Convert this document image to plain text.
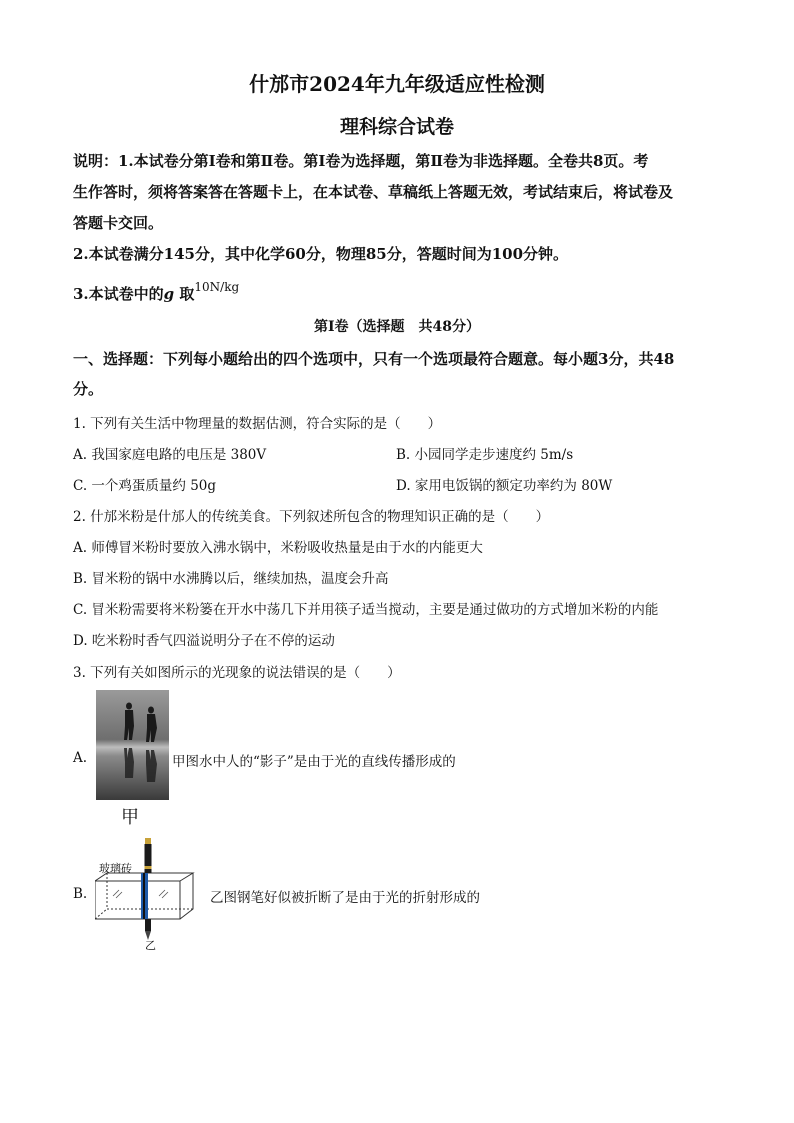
什邡市2024年九年级适应性检测
理科综合试卷
说明：1.本试卷分第Ⅰ卷和第Ⅱ卷。第Ⅰ卷为选择题，第Ⅱ卷为非选择题。全卷共8页。考
生作答时，须将答案答在答题卡上，在本试卷、草稿纸上答题无效，考试结束后，将试卷及
答题卡交回。
2.本试卷满分145分，其中化学60分，物理85分，答题时间为100分钟。
3.本试卷中的g 取$^{10N/kg}$
第Ⅰ卷（选择题　共48分）
一、选择题：下列每小题给出的四个选项中，只有一个选项最符合题意。每小题3分，共48
分。
1. 下列有关生活中物理量的数据估测，符合实际的是（　　）
A. 我国家庭电路的电压是 380V	B. 小园同学走步速度约 5m/s
C. 一个鸡蛋质量约 50g	D. 家用电饭锅的额定功率约为 80W
2. 什邡米粉是什邡人的传统美食。下列叙述所包含的物理知识正确的是（　　）
A. 师傅冒米粉时要放入沸水锅中，米粉吸收热量是由于水的内能更大
B. 冒米粉的锅中水沸腾以后，继续加热，温度会升高
C. 冒米粉需要将米粉篓在开水中荡几下并用筷子适当搅动，主要是通过做功的方式增加米粉的内能
D. 吃米粉时香气四溢说明分子在不停的运动
3. 下列有关如图所示的光现象的说法错误的是（　　）
A.	甲图水中人的“影子”是由于光的直线传播形成的
甲
B.
玻璃砖
乙图钢笔好似被折断了是由于光的折射形成的
乙
